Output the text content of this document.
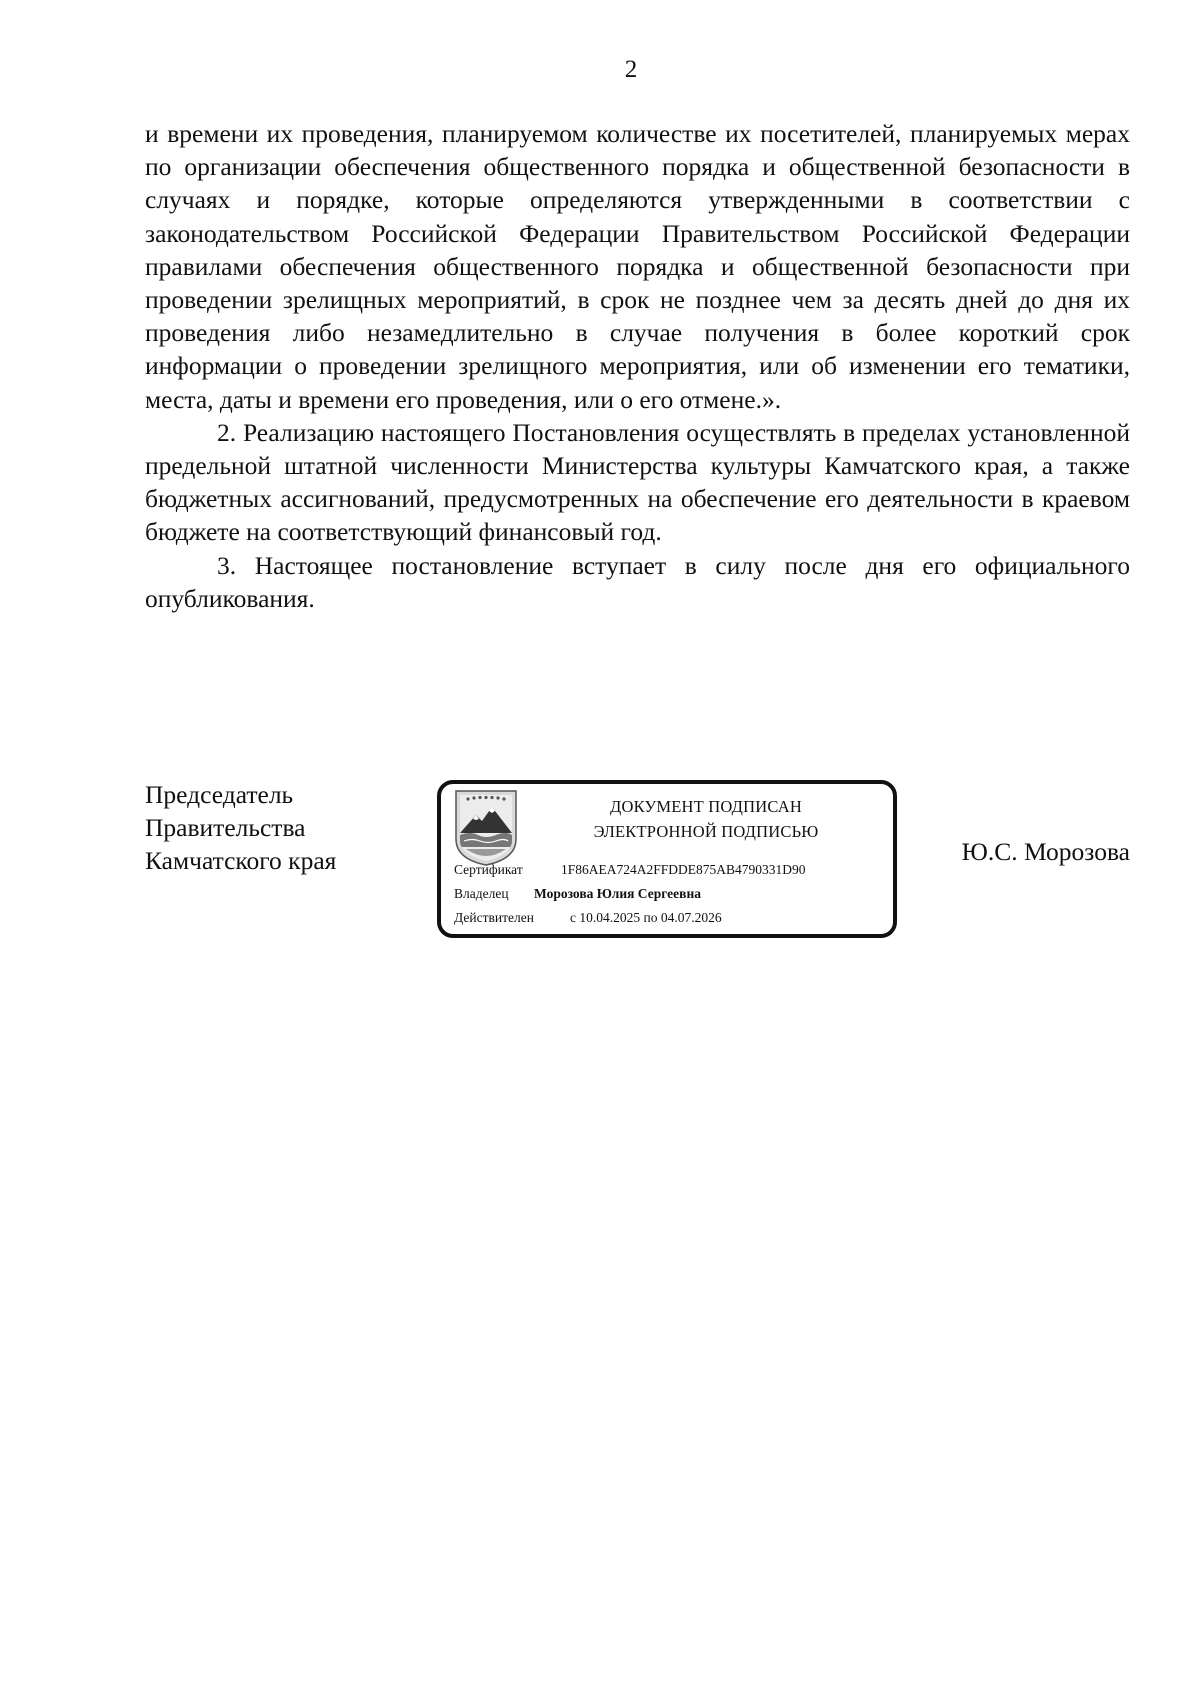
2

и времени их проведения, планируемом количестве их посетителей, планируемых мерах по организации обеспечения общественного порядка и общественной безопасности в случаях и порядке, которые определяются утвержденными в соответствии с законодательством Российской Федерации Правительством Российской Федерации правилами обеспечения общественного порядка и общественной безопасности при проведении зрелищных мероприятий, в срок не позднее чем за десять дней до дня их проведения либо незамедлительно в случае получения в более короткий срок информации о проведении зрелищного мероприятия, или об изменении его тематики, места, даты и времени его проведения, или о его отмене.».

2. Реализацию настоящего Постановления осуществлять в пределах установленной предельной штатной численности Министерства культуры Камчатского края, а также бюджетных ассигнований, предусмотренных на обеспечение его деятельности в краевом бюджете на соответствующий финансовый год.

3. Настоящее постановление вступает в силу после дня его официального опубликования.

Председатель
Правительства
Камчатского края
ДОКУМЕНТ ПОДПИСАН
ЭЛЕКТРОННОЙ ПОДПИСЬЮ
Сертификат	1F86AEA724A2FFDDE875AB4790331D90
Владелец Морозова Юлия Сергеевна
Действителен	с 10.04.2025 по 04.07.2026
Ю.С. Морозова
